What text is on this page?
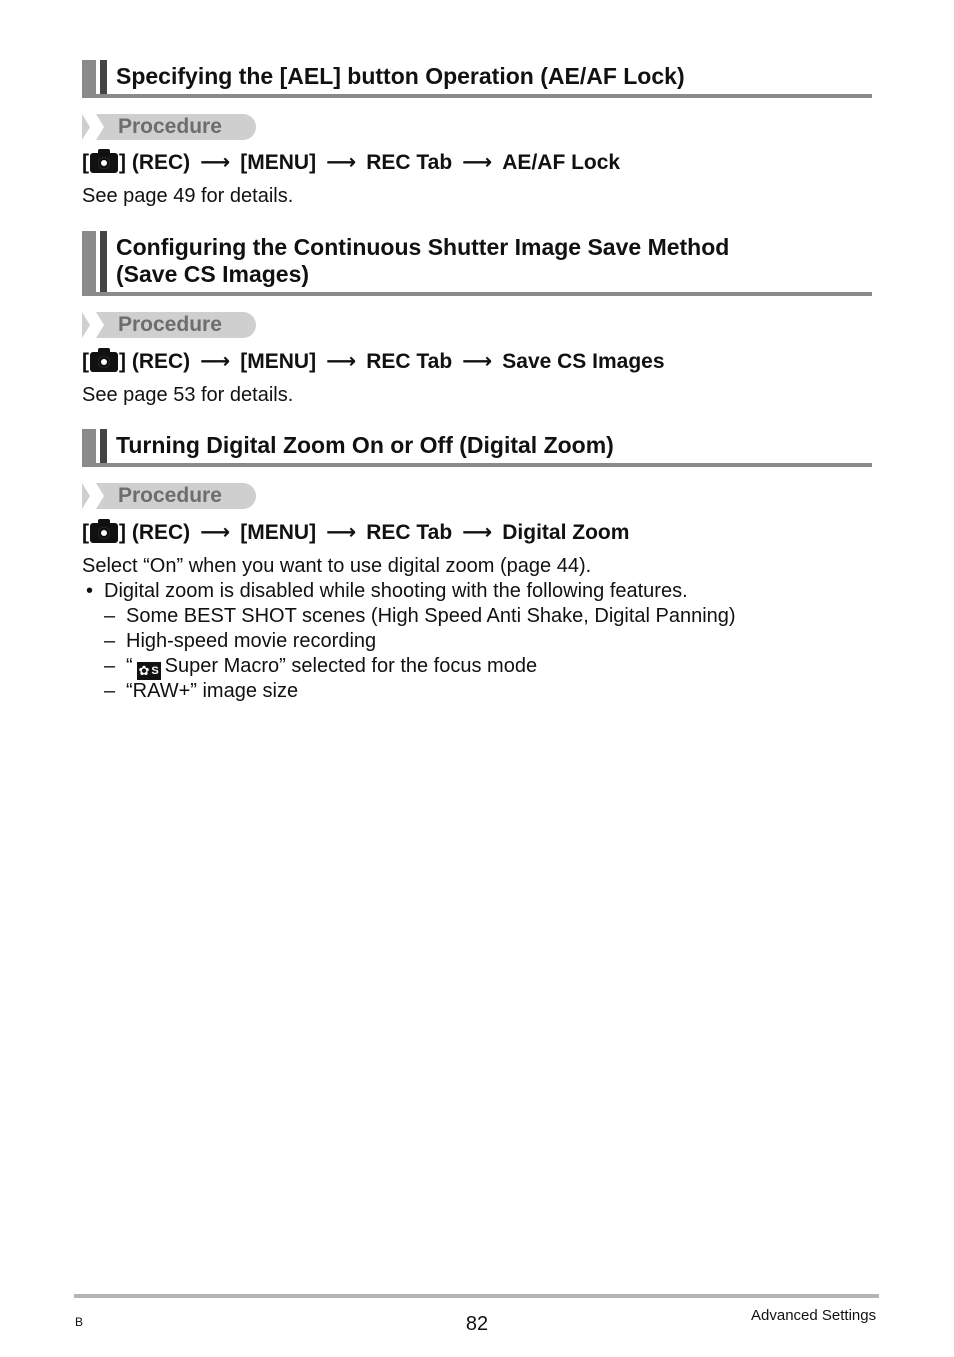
Specifying the [AEL] button Operation (AE/AF Lock)
Procedure
[ ] (REC) ⟶ [MENU] ⟶ REC Tab ⟶ AE/AF Lock
See page 49 for details.
Configuring the Continuous Shutter Image Save Method
(Save CS Images)
Procedure
[ ] (REC) ⟶ [MENU] ⟶ REC Tab ⟶ Save CS Images
See page 53 for details.
Turning Digital Zoom On or Off (Digital Zoom)
Procedure
[ ] (REC) ⟶ [MENU] ⟶ REC Tab ⟶ Digital Zoom
Select “On” when you want to use digital zoom (page 44).
• Digital zoom is disabled while shooting with the following features.
– Some BEST SHOT scenes (High Speed Anti Shake, Digital Panning)
– High-speed movie recording
– “✿ S Super Macro” selected for the focus mode
– “RAW+” image size
B	82	Advanced Settings
